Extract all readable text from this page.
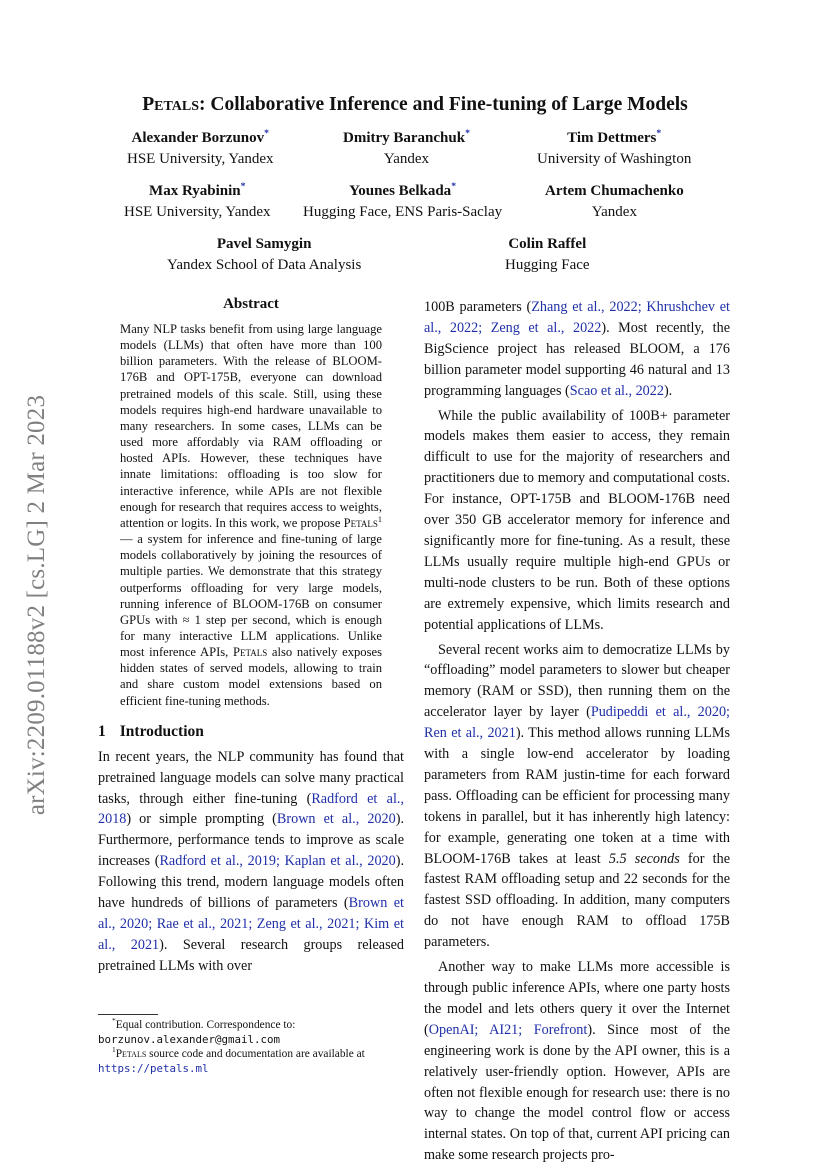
arXiv:2209.01188v2 [cs.LG] 2 Mar 2023
Petals: Collaborative Inference and Fine-tuning of Large Models
Alexander Borzunov*
HSE University, Yandex
Dmitry Baranchuk*
Yandex
Tim Dettmers*
University of Washington
Max Ryabinin*
HSE University, Yandex
Younes Belkada*
Hugging Face, ENS Paris-Saclay
Artem Chumachenko
Yandex
Pavel Samygin
Yandex School of Data Analysis
Colin Raffel
Hugging Face
Abstract

Many NLP tasks benefit from using large language models (LLMs) that often have more than 100 billion parameters. With the release of BLOOM-176B and OPT-175B, everyone can download pretrained models of this scale. Still, using these models requires high-end hardware unavailable to many researchers. In some cases, LLMs can be used more affordably via RAM offloading or hosted APIs. However, these techniques have innate limitations: offloading is too slow for interactive inference, while APIs are not flexible enough for research that requires access to weights, attention or logits. In this work, we propose Petals$^1$ — a system for inference and fine-tuning of large models collaboratively by joining the resources of multiple parties. We demonstrate that this strategy outperforms offloading for very large models, running inference of BLOOM-176B on consumer GPUs with ≈ 1 step per second, which is enough for many interactive LLM applications. Unlike most inference APIs, Petals also natively exposes hidden states of served models, allowing to train and share custom model extensions based on efficient fine-tuning methods.

1 Introduction

In recent years, the NLP community has found that pretrained language models can solve many practical tasks, through either fine-tuning (Radford et al., 2018) or simple prompting (Brown et al., 2020). Furthermore, performance tends to improve as scale increases (Radford et al., 2019; Kaplan et al., 2020). Following this trend, modern language models often have hundreds of billions of parameters (Brown et al., 2020; Rae et al., 2021; Zeng et al., 2021; Kim et al., 2021). Several research groups released pretrained LLMs with over

*Equal contribution. Correspondence to:

borzunov.alexander@gmail.com

$^1$Petals source code and documentation are available at

https://petals.ml

100B parameters (Zhang et al., 2022; Khrushchev et al., 2022; Zeng et al., 2022). Most recently, the BigScience project has released BLOOM, a 176 billion parameter model supporting 46 natural and 13 programming languages (Scao et al., 2022).

While the public availability of 100B+ parameter models makes them easier to access, they remain difficult to use for the majority of researchers and practitioners due to memory and computational costs. For instance, OPT-175B and BLOOM-176B need over 350 GB accelerator memory for inference and significantly more for fine-tuning. As a result, these LLMs usually require multiple high-end GPUs or multi-node clusters to be run. Both of these options are extremely expensive, which limits research and potential applications of LLMs.

Several recent works aim to democratize LLMs by “offloading” model parameters to slower but cheaper memory (RAM or SSD), then running them on the accelerator layer by layer (Pudipeddi et al., 2020; Ren et al., 2021). This method allows running LLMs with a single low-end accelerator by loading parameters from RAM justin-time for each forward pass. Offloading can be efficient for processing many tokens in parallel, but it has inherently high latency: for example, generating one token at a time with BLOOM-176B takes at least 5.5 seconds for the fastest RAM offloading setup and 22 seconds for the fastest SSD offloading. In addition, many computers do not have enough RAM to offload 175B parameters.

Another way to make LLMs more accessible is through public inference APIs, where one party hosts the model and lets others query it over the Internet (OpenAI; AI21; Forefront). Since most of the engineering work is done by the API owner, this is a relatively user-friendly option. However, APIs are often not flexible enough for research use: there is no way to change the model control flow or access internal states. On top of that, current API pricing can make some research projects pro-
